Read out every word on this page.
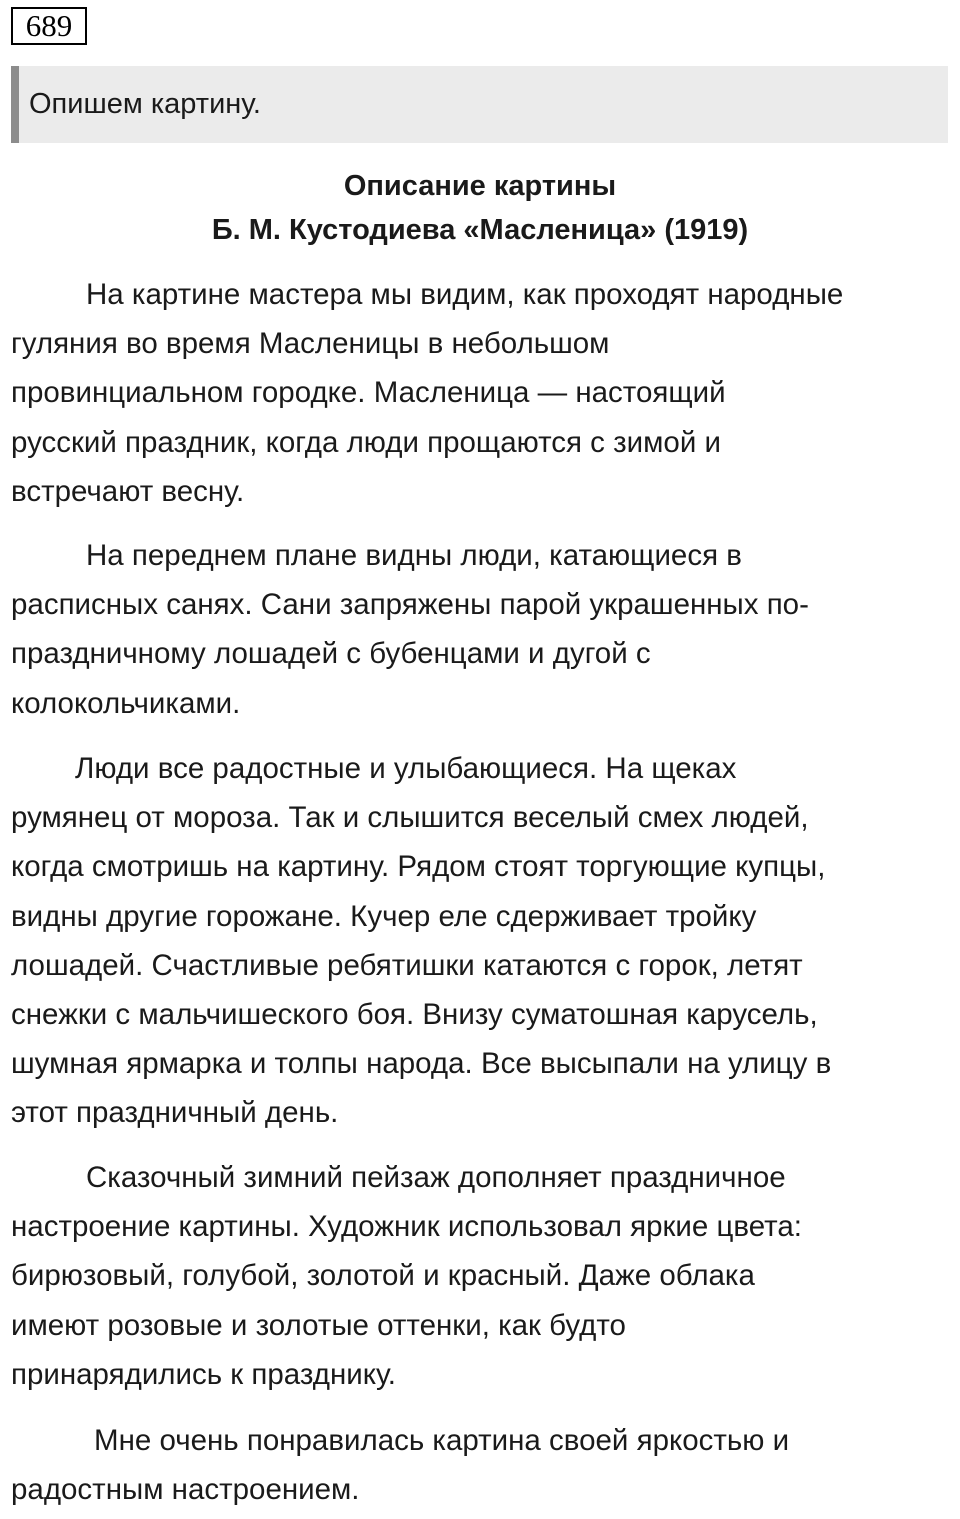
689
Опишем картину.
Описание картины
Б. М. Кустодиева «Масленица» (1919)
На картине мастера мы видим, как проходят народные
гуляния во время Масленицы в небольшом
провинциальном городке. Масленица — настоящий
русский праздник, когда люди прощаются с зимой и
встречают весну.
На переднем плане видны люди, катающиеся в
расписных санях. Сани запряжены парой украшенных по-
праздничному лошадей с бубенцами и дугой с
колокольчиками.
Люди все радостные и улыбающиеся. На щеках
румянец от мороза. Так и слышится веселый смех людей,
когда смотришь на картину. Рядом стоят торгующие купцы,
видны другие горожане. Кучер еле сдерживает тройку
лошадей. Счастливые ребятишки катаются с горок, летят
снежки с мальчишеского боя. Внизу суматошная карусель,
шумная ярмарка и толпы народа. Все высыпали на улицу в
этот праздничный день.
Сказочный зимний пейзаж дополняет праздничное
настроение картины. Художник использовал яркие цвета:
бирюзовый, голубой, золотой и красный. Даже облака
имеют розовые и золотые оттенки, как будто
принарядились к празднику.
Мне очень понравилась картина своей яркостью и
радостным настроением.
